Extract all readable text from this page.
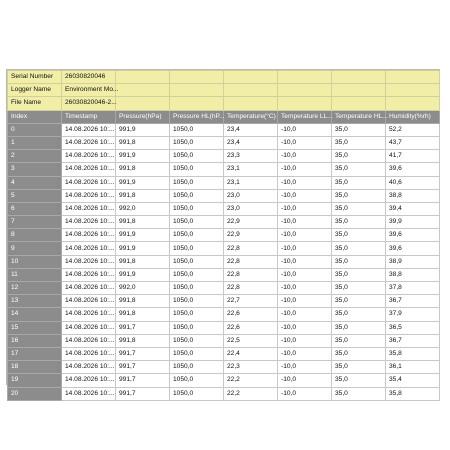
Serial Number	26030820046						
Logger Name	Environment Mo...						
File Name	26030820046-2...						
Index	Timestamp	Pressure(hPa)	Pressure HL(hP...	Temperature(°C)	Temperature LL...	Temperature HL...	Humidity(%rh)
0	14.08.2026 10:...	991,9	1050,0	23,4	-10,0	35,0	52,2
1	14.08.2026 10:...	991,8	1050,0	23,4	-10,0	35,0	43,7
2	14.08.2026 10:...	991,9	1050,0	23,3	-10,0	35,0	41,7
3	14.08.2026 10:...	991,8	1050,0	23,1	-10,0	35,0	39,6
4	14.08.2026 10:...	991,9	1050,0	23,1	-10,0	35,0	40,6
5	14.08.2026 10:...	991,8	1050,0	23,0	-10,0	35,0	38,8
6	14.08.2026 10:...	992,0	1050,0	23,0	-10,0	35,0	39,4
7	14.08.2026 10:...	991,8	1050,0	22,9	-10,0	35,0	39,9
8	14.08.2026 10:...	991,9	1050,0	22,9	-10,0	35,0	39,6
9	14.08.2026 10:...	991,9	1050,0	22,8	-10,0	35,0	39,6
10	14.08.2026 10:...	991,8	1050,0	22,8	-10,0	35,0	38,9
11	14.08.2026 10:...	991,9	1050,0	22,8	-10,0	35,0	38,8
12	14.08.2026 10:...	992,0	1050,0	22,8	-10,0	35,0	37,8
13	14.08.2026 10:...	991,8	1050,0	22,7	-10,0	35,0	36,7
14	14.08.2026 10:...	991,8	1050,0	22,6	-10,0	35,0	37,9
15	14.08.2026 10:...	991,7	1050,0	22,6	-10,0	35,0	36,5
16	14.08.2026 10:...	991,8	1050,0	22,5	-10,0	35,0	36,7
17	14.08.2026 10:...	991,7	1050,0	22,4	-10,0	35,0	35,8
18	14.08.2026 10:...	991,7	1050,0	22,3	-10,0	35,0	36,1
19	14.08.2026 10:...	991,7	1050,0	22,2	-10,0	35,0	35,4
20	14.08.2026 10:...	991,7	1050,0	22,2	-10,0	35,0	35,8
